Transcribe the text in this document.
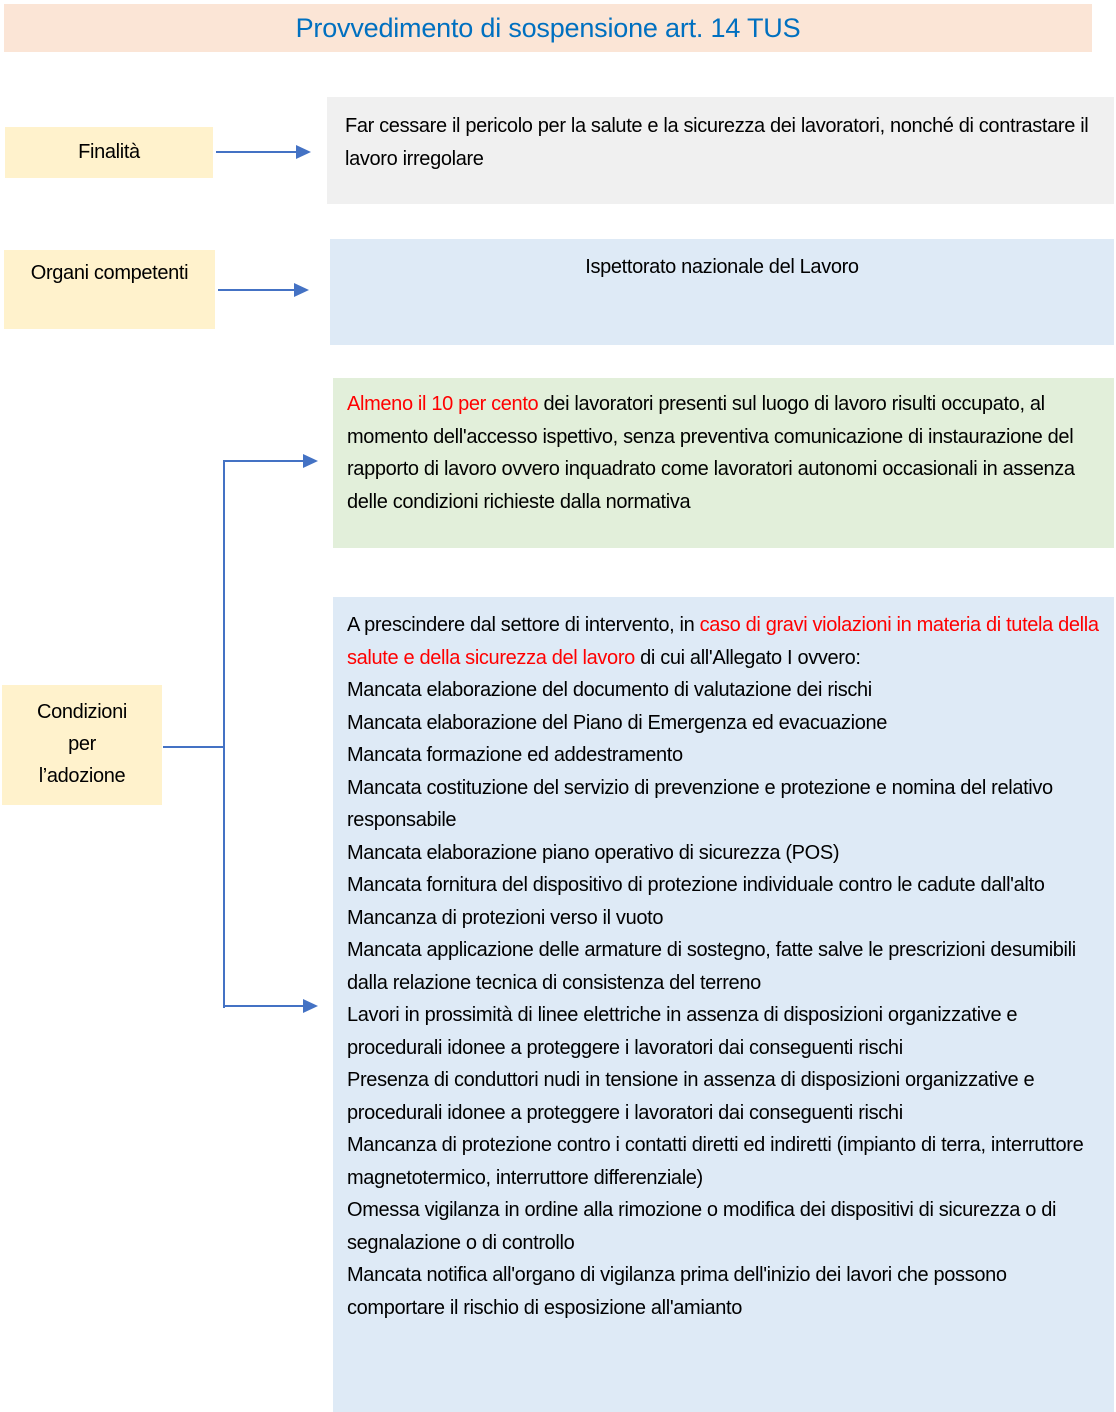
Provvedimento di sospensione art. 14 TUS
Finalità
Far cessare il pericolo per la salute e la sicurezza dei lavoratori, nonché di contrastare il lavoro irregolare
Organi competenti	Ispettorato nazionale del Lavoro
Condizioni
per
l’adozione
Almeno il 10 per cento dei lavoratori presenti sul luogo di lavoro risulti occupato, al momento dell'accesso ispettivo, senza preventiva comunicazione di instaurazione del rapporto di lavoro ovvero inquadrato come lavoratori autonomi occasionali in assenza delle condizioni richieste dalla normativa
A prescindere dal settore di intervento, in caso di gravi violazioni in materia di tutela della salute e della sicurezza del lavoro di cui all'Allegato I ovvero:
Mancata elaborazione del documento di valutazione dei rischi
Mancata elaborazione del Piano di Emergenza ed evacuazione
Mancata formazione ed addestramento
Mancata costituzione del servizio di prevenzione e protezione e nomina del relativo responsabile
Mancata elaborazione piano operativo di sicurezza (POS)
Mancata fornitura del dispositivo di protezione individuale contro le cadute dall'alto
Mancanza di protezioni verso il vuoto
Mancata applicazione delle armature di sostegno, fatte salve le prescrizioni desumibili dalla relazione tecnica di consistenza del terreno
Lavori in prossimità di linee elettriche in assenza di disposizioni organizzative e procedurali idonee a proteggere i lavoratori dai conseguenti rischi
Presenza di conduttori nudi in tensione in assenza di disposizioni organizzative e procedurali idonee a proteggere i lavoratori dai conseguenti rischi
Mancanza di protezione contro i contatti diretti ed indiretti (impianto di terra, interruttore magnetotermico, interruttore differenziale)
Omessa vigilanza in ordine alla rimozione o modifica dei dispositivi di sicurezza o di segnalazione o di controllo
Mancata notifica all'organo di vigilanza prima dell'inizio dei lavori che possono comportare il rischio di esposizione all'amianto
